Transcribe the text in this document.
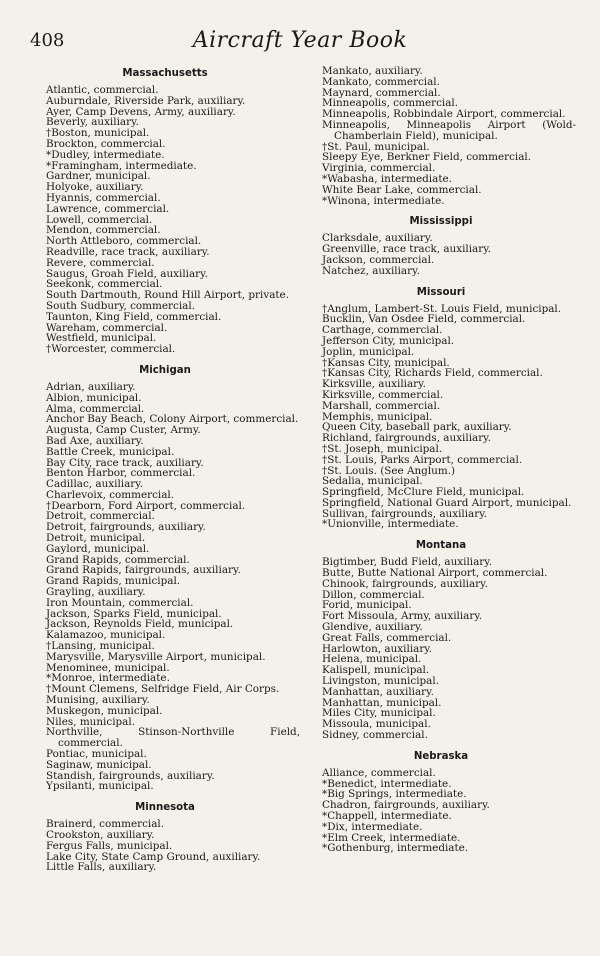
408	Aircraft Year Book
Massachusetts
Atlantic, commercial.
Auburndale, Riverside Park, auxiliary.
Ayer, Camp Devens, Army, auxiliary.
Beverly, auxiliary.
†Boston, municipal.
Brockton, commercial.
*Dudley, intermediate.
*Framingham, intermediate.
Gardner, municipal.
Holyoke, auxiliary.
Hyannis, commercial.
Lawrence, commercial.
Lowell, commercial.
Mendon, commercial.
North Attleboro, commercial.
Readville, race track, auxiliary.
Revere, commercial.
Saugus, Groah Field, auxiliary.
Seekonk, commercial.
South Dartmouth, Round Hill Airport, private.
South Sudbury, commercial.
Taunton, King Field, commercial.
Wareham, commercial.
Westfield, municipal.
†Worcester, commercial.
Michigan
Adrian, auxiliary.
Albion, municipal.
Alma, commercial.
Anchor Bay Beach, Colony Airport, commercial.
Augusta, Camp Custer, Army.
Bad Axe, auxiliary.
Battle Creek, municipal.
Bay City, race track, auxiliary.
Benton Harbor, commercial.
Cadillac, auxiliary.
Charlevoix, commercial.
†Dearborn, Ford Airport, commercial.
Detroit, commercial.
Detroit, fairgrounds, auxiliary.
Detroit, municipal.
Gaylord, municipal.
Grand Rapids, commercial.
Grand Rapids, fairgrounds, auxiliary.
Grand Rapids, municipal.
Grayling, auxiliary.
Iron Mountain, commercial.
Jackson, Sparks Field, municipal.
Jackson, Reynolds Field, municipal.
Kalamazoo, municipal.
†Lansing, municipal.
Marysville, Marysville Airport, municipal.
Menominee, municipal.
*Monroe, intermediate.
†Mount Clemens, Selfridge Field, Air Corps.
Munising, auxiliary.
Muskegon, municipal.
Niles, municipal.
Northville, Stinson-Northville Field, commercial.
Pontiac, municipal.
Saginaw, municipal.
Standish, fairgrounds, auxiliary.
Ypsilanti, municipal.
Minnesota
Brainerd, commercial.
Crookston, auxiliary.
Fergus Falls, municipal.
Lake City, State Camp Ground, auxiliary.
Little Falls, auxiliary.
Mankato, auxiliary.
Mankato, commercial.
Maynard, commercial.
Minneapolis, commercial.
Minneapolis, Robbindale Airport, commercial.
Minneapolis, Minneapolis Airport (Wold-Chamberlain Field), municipal.
†St. Paul, municipal.
Sleepy Eye, Berkner Field, commercial.
Virginia, commercial.
*Wabasha, intermediate.
White Bear Lake, commercial.
*Winona, intermediate.
Mississippi
Clarksdale, auxiliary.
Greenville, race track, auxiliary.
Jackson, commercial.
Natchez, auxiliary.
Missouri
†Anglum, Lambert-St. Louis Field, municipal.
Bucklin, Van Osdee Field, commercial.
Carthage, commercial.
Jefferson City, municipal.
Joplin, municipal.
†Kansas City, municipal.
†Kansas City, Richards Field, commercial.
Kirksville, auxiliary.
Kirksville, commercial.
Marshall, commercial.
Memphis, municipal.
Queen City, baseball park, auxiliary.
Richland, fairgrounds, auxiliary.
†St. Joseph, municipal.
†St. Louis, Parks Airport, commercial.
†St. Louis. (See Anglum.)
Sedalia, municipal.
Springfield, McClure Field, municipal.
Springfield, National Guard Airport, municipal.
Sullivan, fairgrounds, auxiliary.
*Unionville, intermediate.
Montana
Bigtimber, Budd Field, auxiliary.
Butte, Butte National Airport, commercial.
Chinook, fairgrounds, auxiliary.
Dillon, commercial.
Forid, municipal.
Fort Missoula, Army, auxiliary.
Glendive, auxiliary.
Great Falls, commercial.
Harlowton, auxiliary.
Helena, municipal.
Kalispell, municipal.
Livingston, municipal.
Manhattan, auxiliary.
Manhattan, municipal.
Miles City, municipal.
Missoula, municipal.
Sidney, commercial.
Nebraska
Alliance, commercial.
*Benedict, intermediate.
*Big Springs, intermediate.
Chadron, fairgrounds, auxiliary.
*Chappell, intermediate.
*Dix, intermediate.
*Elm Creek, intermediate.
*Gothenburg, intermediate.
